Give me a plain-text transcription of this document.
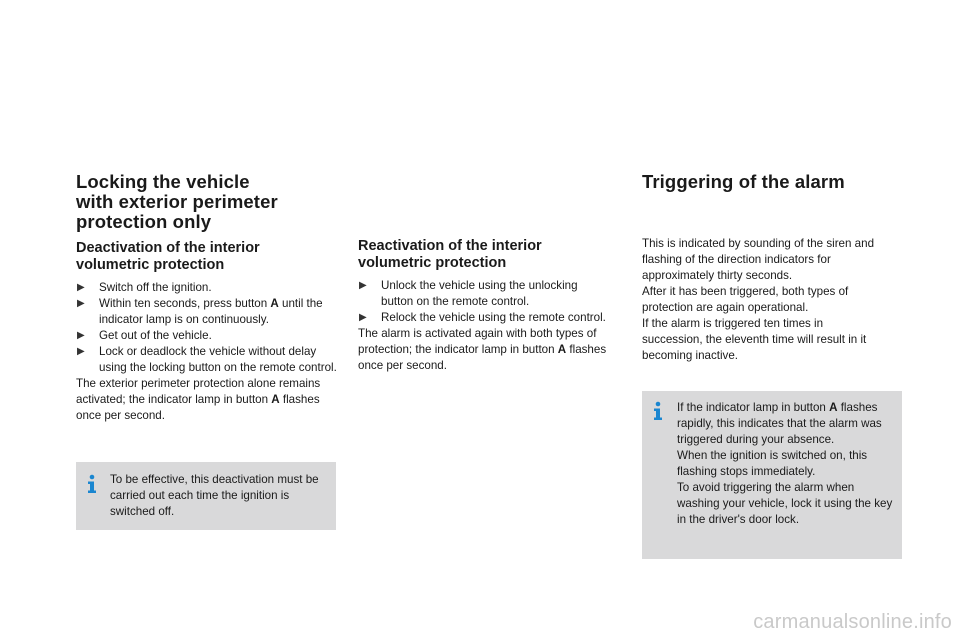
Locking the vehicle
with exterior perimeter
protection only
Deactivation of the interior
volumetric protection
▶︎ Switch off the ignition.
▶︎ Within ten seconds, press button A until the indicator lamp is on continuously.
▶︎ Get out of the vehicle.
▶︎ Lock or deadlock the vehicle without delay using the locking button on the remote control.

The exterior perimeter protection alone remains activated; the indicator lamp in button A flashes once per second.

To be effective, this deactivation must be carried out each time the ignition is switched off.
Reactivation of the interior
volumetric protection
▶︎ Unlock the vehicle using the unlocking button on the remote control.
▶︎ Relock the vehicle using the remote control.

The alarm is activated again with both types of protection; the indicator lamp in button A flashes once per second.

Triggering of the alarm

This is indicated by sounding of the siren and flashing of the direction indicators for approximately thirty seconds.

After it has been triggered, both types of protection are again operational.

If the alarm is triggered ten times in succession, the eleventh time will result in it becoming inactive.

If the indicator lamp in button A flashes rapidly, this indicates that the alarm was triggered during your absence.
When the ignition is switched on, this flashing stops immediately.
To avoid triggering the alarm when washing your vehicle, lock it using the key in the driver's door lock.
carmanualsonline.info
